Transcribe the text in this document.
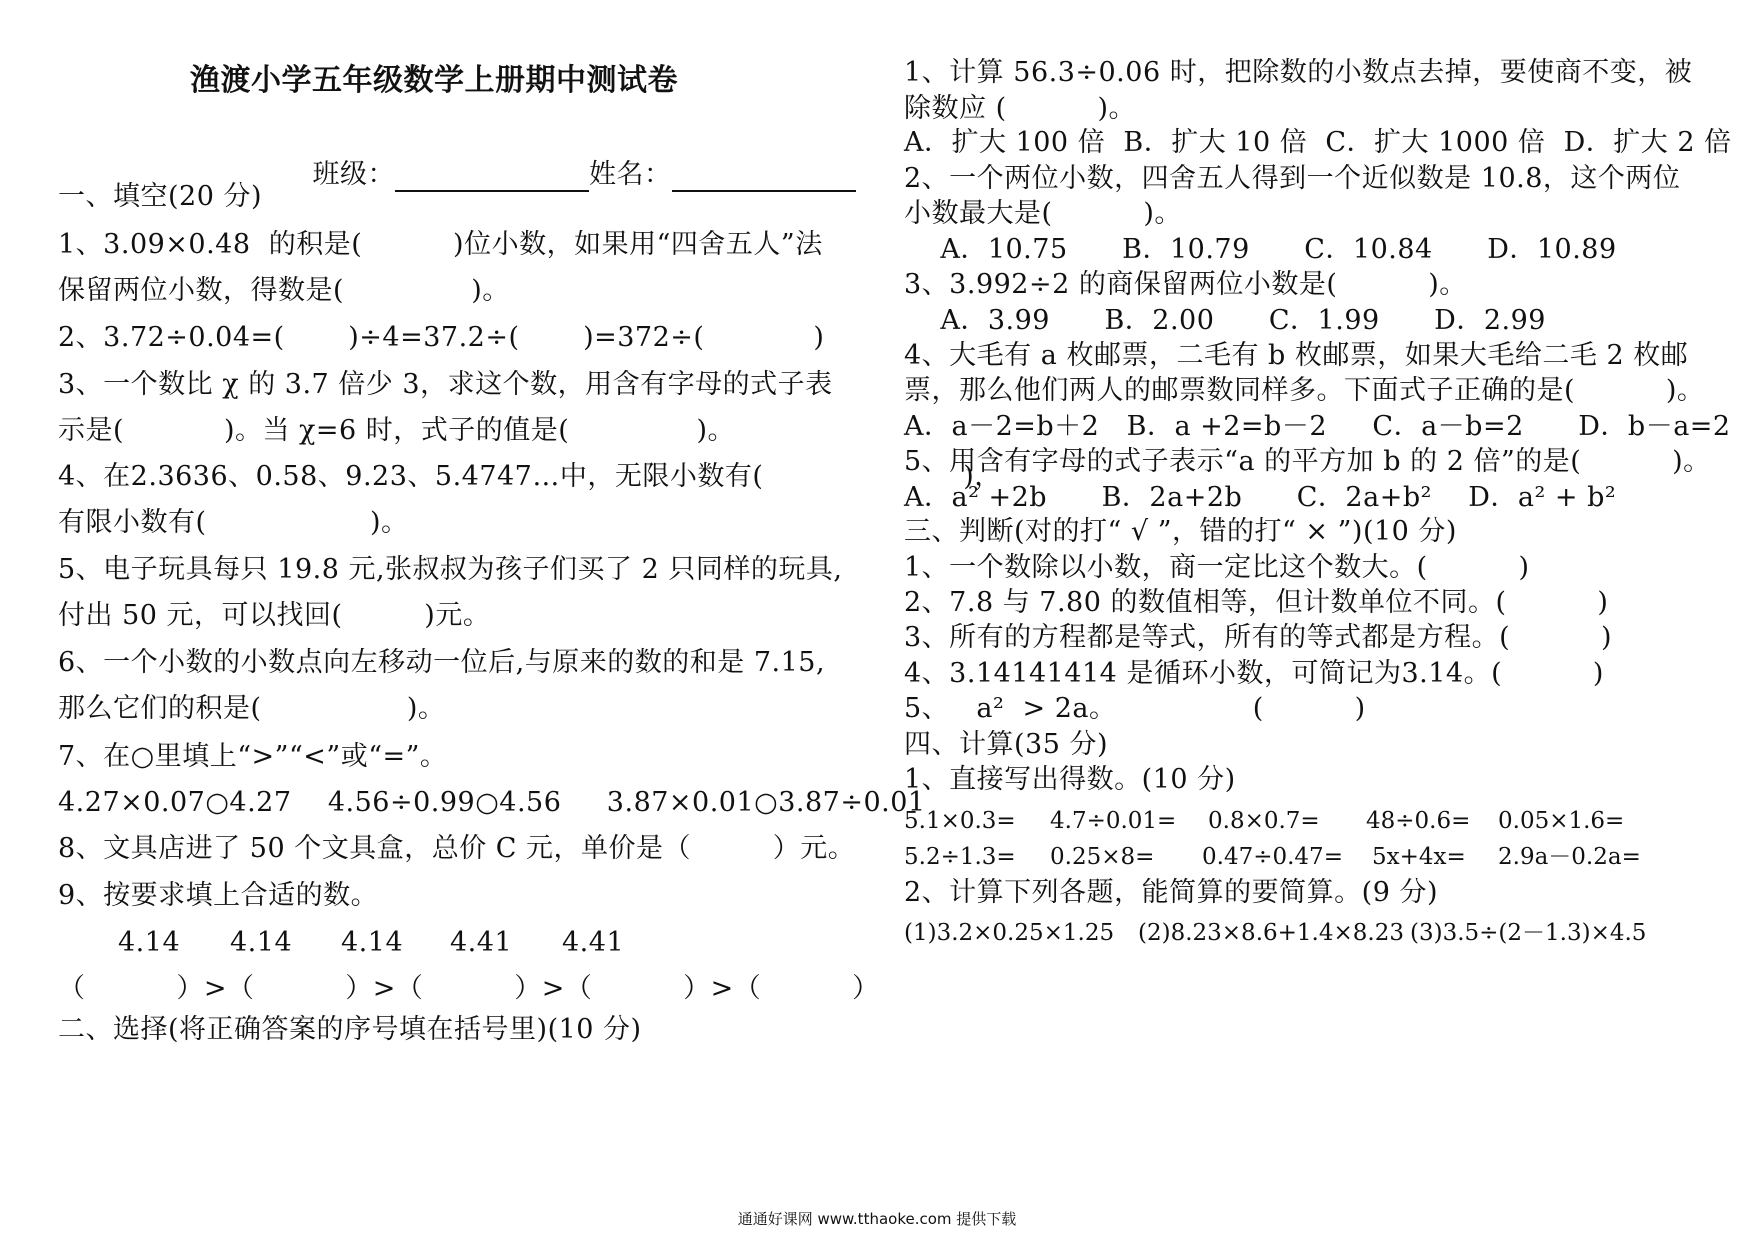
渔渡小学五年级数学上册期中测试卷

班级：	姓名：

一、填空(20 分)
1、3.09×0.48  的积是(          )位小数，如果用“四舍五人”法
保留两位小数，得数是(              )。
2、3.72÷0.04=(       )÷4=37.2÷(       )=372÷(            )
3、一个数比 χ 的 3.7 倍少 3，求这个数，用含有字母的式子表
示是(           )。当 χ=6 时，式子的值是(              )。
4、在2.3636、0.58、9.23、5.4747…中，无限小数有(                      )，
有限小数有(                  )。
5、电子玩具每只 19.8 元,张叔叔为孩子们买了 2 只同样的玩具,
付出 50 元，可以找回(         )元。
6、一个小数的小数点向左移动一位后,与原来的数的和是 7.15,
那么它们的积是(                )。
7、在○里填上“>”“<”或“=”。
4.27×0.07○4.27    4.56÷0.99○4.56     3.87×0.01○3.87÷0.01
8、文具店进了 50 个文具盒，总价 C 元，单价是（         ）元。
9、按要求填上合适的数。
4.14 4.14 4.14 4.41 4.41
（          ）>（          ）>（          ）>（          ）>（          ）
二、选择(将正确答案的序号填在括号里)(10 分)
1、计算 56.3÷0.06 时，把除数的小数点去掉，要使商不变，被
除数应 (          )。
A．扩大 100 倍  B．扩大 10 倍  C．扩大 1000 倍  D．扩大 2 倍
2、一个两位小数，四舍五人得到一个近似数是 10.8，这个两位
小数最大是(          )。
A．10.75      B．10.79      C．10.84      D．10.89
3、3.992÷2 的商保留两位小数是(          )。
A．3.99      B．2.00      C．1.99      D．2.99
4、大毛有 a 枚邮票，二毛有 b 枚邮票，如果大毛给二毛 2 枚邮
票，那么他们两人的邮票数同样多。下面式子正确的是(          )。
A．a－2=b＋2   B．a +2=b－2     C．a－b=2      D．b－a=2
5、用含有字母的式子表示“a 的平方加 b 的 2 倍”的是(          )。
A．a² +2b      B．2a+2b      C．2a+b²    D．a² + b²
三、判断(对的打“ √ ”，错的打“ × ”)(10 分)
1、一个数除以小数，商一定比这个数大。(          )
2、7.8 与 7.80 的数值相等，但计数单位不同。(          )
3、所有的方程都是等式，所有的等式都是方程。(          )
4、3.14141414 是循环小数，可简记为3.14。(          )
5、   a²  > 2a。               (          )
四、计算(35 分)
1、直接写出得数。(10 分)
5.1×0.3= 4.7÷0.01= 0.8×0.7= 48÷0.6= 0.05×1.6=
5.2÷1.3= 0.25×8= 0.47÷0.47= 5x+4x= 2.9a－0.2a=
2、计算下列各题，能简算的要简算。(9 分)
(1)3.2×0.25×1.25 (2)8.23×8.6+1.4×8.23 (3)3.5÷(2－1.3)×4.5
通通好课网 www.tthaoke.com 提供下载
